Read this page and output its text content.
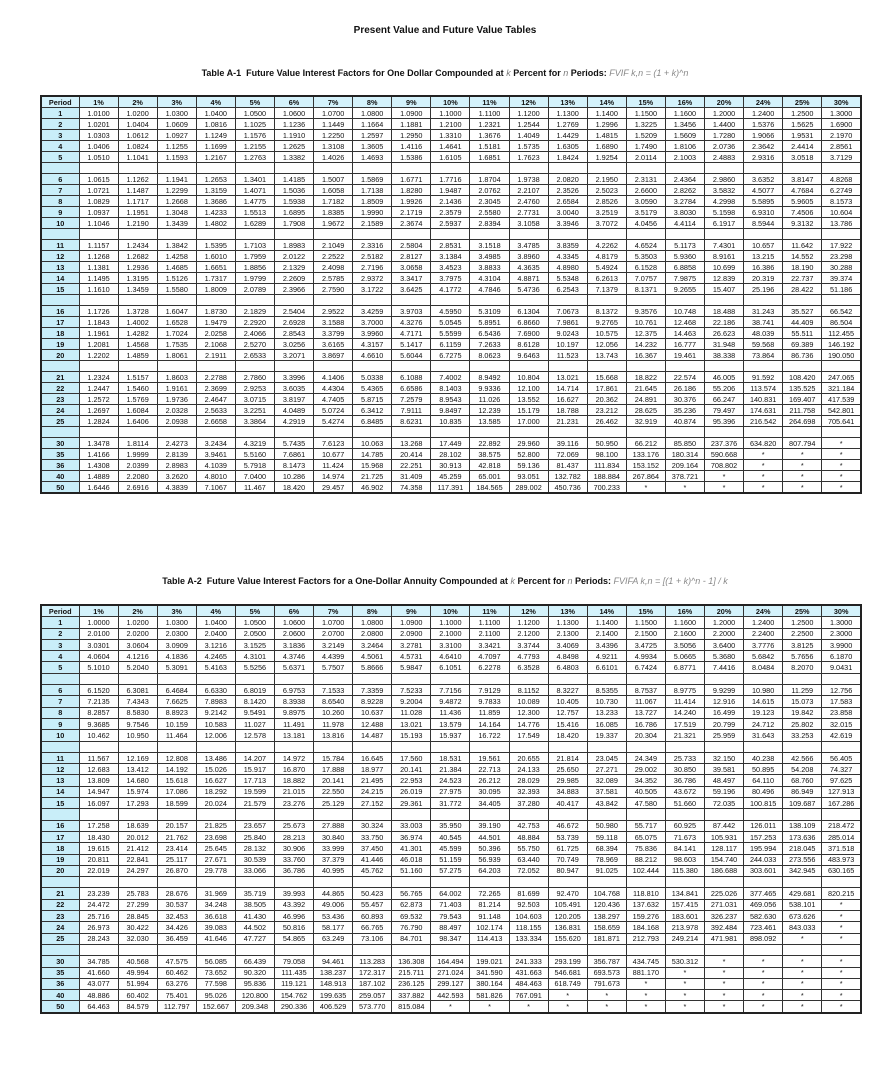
Present Value and Future Value Tables
Table A-1 Future Value Interest Factors for One Dollar Compounded at k Percent for n Periods: FVIF k,n = (1 + k)^n
Period	1%	2%	3%	4%	5%	6%	7%	8%	9%	10%	11%	12%	13%	14%	15%	16%	20%	24%	25%	30%
1	1.0100	1.0200	1.0300	1.0400	1.0500	1.0600	1.0700	1.0800	1.0900	1.1000	1.1100	1.1200	1.1300	1.1400	1.1500	1.1600	1.2000	1.2400	1.2500	1.3000
2	1.0201	1.0404	1.0609	1.0816	1.1025	1.1236	1.1449	1.1664	1.1881	1.2100	1.2321	1.2544	1.2769	1.2996	1.3225	1.3456	1.4400	1.5376	1.5625	1.6900
3	1.0303	1.0612	1.0927	1.1249	1.1576	1.1910	1.2250	1.2597	1.2950	1.3310	1.3676	1.4049	1.4429	1.4815	1.5209	1.5609	1.7280	1.9066	1.9531	2.1970
4	1.0406	1.0824	1.1255	1.1699	1.2155	1.2625	1.3108	1.3605	1.4116	1.4641	1.5181	1.5735	1.6305	1.6890	1.7490	1.8106	2.0736	2.3642	2.4414	2.8561
5	1.0510	1.1041	1.1593	1.2167	1.2763	1.3382	1.4026	1.4693	1.5386	1.6105	1.6851	1.7623	1.8424	1.9254	2.0114	2.1003	2.4883	2.9316	3.0518	3.7129

6	1.0615	1.1262	1.1941	1.2653	1.3401	1.4185	1.5007	1.5869	1.6771	1.7716	1.8704	1.9738	2.0820	2.1950	2.3131	2.4364	2.9860	3.6352	3.8147	4.8268
7	1.0721	1.1487	1.2299	1.3159	1.4071	1.5036	1.6058	1.7138	1.8280	1.9487	2.0762	2.2107	2.3526	2.5023	2.6600	2.8262	3.5832	4.5077	4.7684	6.2749
8	1.0829	1.1717	1.2668	1.3686	1.4775	1.5938	1.7182	1.8509	1.9926	2.1436	2.3045	2.4760	2.6584	2.8526	3.0590	3.2784	4.2998	5.5895	5.9605	8.1573
9	1.0937	1.1951	1.3048	1.4233	1.5513	1.6895	1.8385	1.9990	2.1719	2.3579	2.5580	2.7731	3.0040	3.2519	3.5179	3.8030	5.1598	6.9310	7.4506	10.604
10	1.1046	1.2190	1.3439	1.4802	1.6289	1.7908	1.9672	2.1589	2.3674	2.5937	2.8394	3.1058	3.3946	3.7072	4.0456	4.4114	6.1917	8.5944	9.3132	13.786

11	1.1157	1.2434	1.3842	1.5395	1.7103	1.8983	2.1049	2.3316	2.5804	2.8531	3.1518	3.4785	3.8359	4.2262	4.6524	5.1173	7.4301	10.657	11.642	17.922
12	1.1268	1.2682	1.4258	1.6010	1.7959	2.0122	2.2522	2.5182	2.8127	3.1384	3.4985	3.8960	4.3345	4.8179	5.3503	5.9360	8.9161	13.215	14.552	23.298
13	1.1381	1.2936	1.4685	1.6651	1.8856	2.1329	2.4098	2.7196	3.0658	3.4523	3.8833	4.3635	4.8980	5.4924	6.1528	6.8858	10.699	16.386	18.190	30.288
14	1.1495	1.3195	1.5126	1.7317	1.9799	2.2609	2.5785	2.9372	3.3417	3.7975	4.3104	4.8871	5.5348	6.2613	7.0757	7.9875	12.839	20.319	22.737	39.374
15	1.1610	1.3459	1.5580	1.8009	2.0789	2.3966	2.7590	3.1722	3.6425	4.1772	4.7846	5.4736	6.2543	7.1379	8.1371	9.2655	15.407	25.196	28.422	51.186

16	1.1726	1.3728	1.6047	1.8730	2.1829	2.5404	2.9522	3.4259	3.9703	4.5950	5.3109	6.1304	7.0673	8.1372	9.3576	10.748	18.488	31.243	35.527	66.542
17	1.1843	1.4002	1.6528	1.9479	2.2920	2.6928	3.1588	3.7000	4.3276	5.0545	5.8951	6.8660	7.9861	9.2765	10.761	12.468	22.186	38.741	44.409	86.504
18	1.1961	1.4282	1.7024	2.0258	2.4066	2.8543	3.3799	3.9960	4.7171	5.5599	6.5436	7.6900	9.0243	10.575	12.375	14.463	26.623	48.039	55.511	112.455
19	1.2081	1.4568	1.7535	2.1068	2.5270	3.0256	3.6165	4.3157	5.1417	6.1159	7.2633	8.6128	10.197	12.056	14.232	16.777	31.948	59.568	69.389	146.192
20	1.2202	1.4859	1.8061	2.1911	2.6533	3.2071	3.8697	4.6610	5.6044	6.7275	8.0623	9.6463	11.523	13.743	16.367	19.461	38.338	73.864	86.736	190.050

21	1.2324	1.5157	1.8603	2.2788	2.7860	3.3996	4.1406	5.0338	6.1088	7.4002	8.9492	10.804	13.021	15.668	18.822	22.574	46.005	91.592	108.420	247.065
22	1.2447	1.5460	1.9161	2.3699	2.9253	3.6035	4.4304	5.4365	6.6586	8.1403	9.9336	12.100	14.714	17.861	21.645	26.186	55.206	113.574	135.525	321.184
23	1.2572	1.5769	1.9736	2.4647	3.0715	3.8197	4.7405	5.8715	7.2579	8.9543	11.026	13.552	16.627	20.362	24.891	30.376	66.247	140.831	169.407	417.539
24	1.2697	1.6084	2.0328	2.5633	3.2251	4.0489	5.0724	6.3412	7.9111	9.8497	12.239	15.179	18.788	23.212	28.625	35.236	79.497	174.631	211.758	542.801
25	1.2824	1.6406	2.0938	2.6658	3.3864	4.2919	5.4274	6.8485	8.6231	10.835	13.585	17.000	21.231	26.462	32.919	40.874	95.396	216.542	264.698	705.641

30	1.3478	1.8114	2.4273	3.2434	4.3219	5.7435	7.6123	10.063	13.268	17.449	22.892	29.960	39.116	50.950	66.212	85.850	237.376	634.820	807.794	*
35	1.4166	1.9999	2.8139	3.9461	5.5160	7.6861	10.677	14.785	20.414	28.102	38.575	52.800	72.069	98.100	133.176	180.314	590.668	*	*	*
36	1.4308	2.0399	2.8983	4.1039	5.7918	8.1473	11.424	15.968	22.251	30.913	42.818	59.136	81.437	111.834	153.152	209.164	708.802	*	*	*
40	1.4889	2.2080	3.2620	4.8010	7.0400	10.286	14.974	21.725	31.409	45.259	65.001	93.051	132.782	188.884	267.864	378.721	*	*	*	*
50	1.6446	2.6916	4.3839	7.1067	11.467	18.420	29.457	46.902	74.358	117.391	184.565	289.002	450.736	700.233	*	*	*	*	*	*
Table A-2 Future Value Interest Factors for a One-Dollar Annuity Compounded at k Percent for n Periods: FVIFA k,n = [(1 + k)^n - 1] / k
Period	1%	2%	3%	4%	5%	6%	7%	8%	9%	10%	11%	12%	13%	14%	15%	16%	20%	24%	25%	30%
1	1.0000	1.0200	1.0300	1.0400	1.0500	1.0600	1.0700	1.0800	1.0900	1.1000	1.1100	1.1200	1.1300	1.1400	1.1500	1.1600	1.2000	1.2400	1.2500	1.3000
2	2.0100	2.0200	2.0300	2.0400	2.0500	2.0600	2.0700	2.0800	2.0900	2.1000	2.1100	2.1200	2.1300	2.1400	2.1500	2.1600	2.2000	2.2400	2.2500	2.3000
3	3.0301	3.0604	3.0909	3.1216	3.1525	3.1836	3.2149	3.2464	3.2781	3.3100	3.3421	3.3744	3.4069	3.4396	3.4725	3.5056	3.6400	3.7776	3.8125	3.9900
4	4.0604	4.1216	4.1836	4.2465	4.3101	4.3746	4.4399	4.5061	4.5731	4.6410	4.7097	4.7793	4.8498	4.9211	4.9934	5.0665	5.3680	5.6842	5.7656	6.1870
5	5.1010	5.2040	5.3091	5.4163	5.5256	5.6371	5.7507	5.8666	5.9847	6.1051	6.2278	6.3528	6.4803	6.6101	6.7424	6.8771	7.4416	8.0484	8.2070	9.0431

6	6.1520	6.3081	6.4684	6.6330	6.8019	6.9753	7.1533	7.3359	7.5233	7.7156	7.9129	8.1152	8.3227	8.5355	8.7537	8.9775	9.9299	10.980	11.259	12.756
7	7.2135	7.4343	7.6625	7.8983	8.1420	8.3938	8.6540	8.9228	9.2004	9.4872	9.7833	10.089	10.405	10.730	11.067	11.414	12.916	14.615	15.073	17.583
8	8.2857	8.5830	8.8923	9.2142	9.5491	9.8975	10.260	10.637	11.028	11.436	11.859	12.300	12.757	13.233	13.727	14.240	16.499	19.123	19.842	23.858
9	9.3685	9.7546	10.159	10.583	11.027	11.491	11.978	12.488	13.021	13.579	14.164	14.776	15.416	16.085	16.786	17.519	20.799	24.712	25.802	32.015
10	10.462	10.950	11.464	12.006	12.578	13.181	13.816	14.487	15.193	15.937	16.722	17.549	18.420	19.337	20.304	21.321	25.959	31.643	33.253	42.619

11	11.567	12.169	12.808	13.486	14.207	14.972	15.784	16.645	17.560	18.531	19.561	20.655	21.814	23.045	24.349	25.733	32.150	40.238	42.566	56.405
12	12.683	13.412	14.192	15.026	15.917	16.870	17.888	18.977	20.141	21.384	22.713	24.133	25.650	27.271	29.002	30.850	39.581	50.895	54.208	74.327
13	13.809	14.680	15.618	16.627	17.713	18.882	20.141	21.495	22.953	24.523	26.212	28.029	29.985	32.089	34.352	36.786	48.497	64.110	68.760	97.625
14	14.947	15.974	17.086	18.292	19.599	21.015	22.550	24.215	26.019	27.975	30.095	32.393	34.883	37.581	40.505	43.672	59.196	80.496	86.949	127.913
15	16.097	17.293	18.599	20.024	21.579	23.276	25.129	27.152	29.361	31.772	34.405	37.280	40.417	43.842	47.580	51.660	72.035	100.815	109.687	167.286

16	17.258	18.639	20.157	21.825	23.657	25.673	27.888	30.324	33.003	35.950	39.190	42.753	46.672	50.980	55.717	60.925	87.442	126.011	138.109	218.472
17	18.430	20.012	21.762	23.698	25.840	28.213	30.840	33.750	36.974	40.545	44.501	48.884	53.739	59.118	65.075	71.673	105.931	157.253	173.636	285.014
18	19.615	21.412	23.414	25.645	28.132	30.906	33.999	37.450	41.301	45.599	50.396	55.750	61.725	68.394	75.836	84.141	128.117	195.994	218.045	371.518
19	20.811	22.841	25.117	27.671	30.539	33.760	37.379	41.446	46.018	51.159	56.939	63.440	70.749	78.969	88.212	98.603	154.740	244.033	273.556	483.973
20	22.019	24.297	26.870	29.778	33.066	36.786	40.995	45.762	51.160	57.275	64.203	72.052	80.947	91.025	102.444	115.380	186.688	303.601	342.945	630.165

21	23.239	25.783	28.676	31.969	35.719	39.993	44.865	50.423	56.765	64.002	72.265	81.699	92.470	104.768	118.810	134.841	225.026	377.465	429.681	820.215
22	24.472	27.299	30.537	34.248	38.505	43.392	49.006	55.457	62.873	71.403	81.214	92.503	105.491	120.436	137.632	157.415	271.031	469.056	538.101	*
23	25.716	28.845	32.453	36.618	41.430	46.996	53.436	60.893	69.532	79.543	91.148	104.603	120.205	138.297	159.276	183.601	326.237	582.630	673.626	*
24	26.973	30.422	34.426	39.083	44.502	50.816	58.177	66.765	76.790	88.497	102.174	118.155	136.831	158.659	184.168	213.978	392.484	723.461	843.033	*
25	28.243	32.030	36.459	41.646	47.727	54.865	63.249	73.106	84.701	98.347	114.413	133.334	155.620	181.871	212.793	249.214	471.981	898.092	*	*

30	34.785	40.568	47.575	56.085	66.439	79.058	94.461	113.283	136.308	164.494	199.021	241.333	293.199	356.787	434.745	530.312	*	*	*	*
35	41.660	49.994	60.462	73.652	90.320	111.435	138.237	172.317	215.711	271.024	341.590	431.663	546.681	693.573	881.170	*	*	*	*	*
36	43.077	51.994	63.276	77.598	95.836	119.121	148.913	187.102	236.125	299.127	380.164	484.463	618.749	791.673	*	*	*	*	*	*
40	48.886	60.402	75.401	95.026	120.800	154.762	199.635	259.057	337.882	442.593	581.826	767.091	*	*	*	*	*	*	*	*
50	64.463	84.579	112.797	152.667	209.348	290.336	406.529	573.770	815.084	*	*	*	*	*	*	*	*	*	*	*
